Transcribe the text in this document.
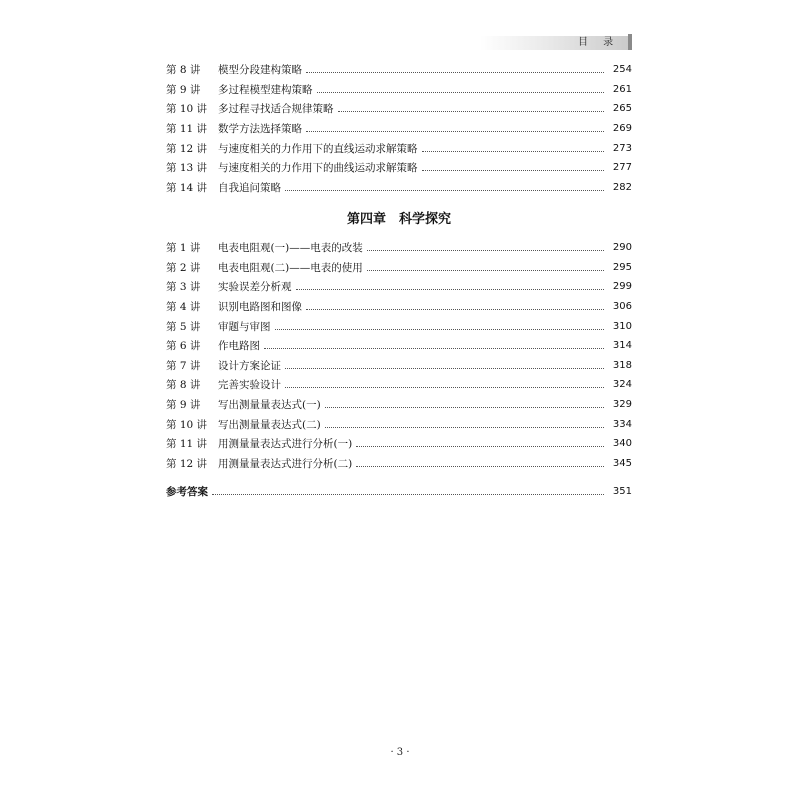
目 录
第 8 讲	模型分段建构策略	254
第 9 讲	多过程模型建构策略	261
第 10 讲	多过程寻找适合规律策略	265
第 11 讲	数学方法选择策略	269
第 12 讲	与速度相关的力作用下的直线运动求解策略	273
第 13 讲	与速度相关的力作用下的曲线运动求解策略	277
第 14 讲	自我追问策略	282
第四章　科学探究
第 1 讲	电表电阻观(一)——电表的改装	290
第 2 讲	电表电阻观(二)——电表的使用	295
第 3 讲	实验误差分析观	299
第 4 讲	识别电路图和图像	306
第 5 讲	审题与审图	310
第 6 讲	作电路图	314
第 7 讲	设计方案论证	318
第 8 讲	完善实验设计	324
第 9 讲	写出测量量表达式(一)	329
第 10 讲	写出测量量表达式(二)	334
第 11 讲	用测量量表达式进行分析(一)	340
第 12 讲	用测量量表达式进行分析(二)	345
参考答案	351
· 3 ·
